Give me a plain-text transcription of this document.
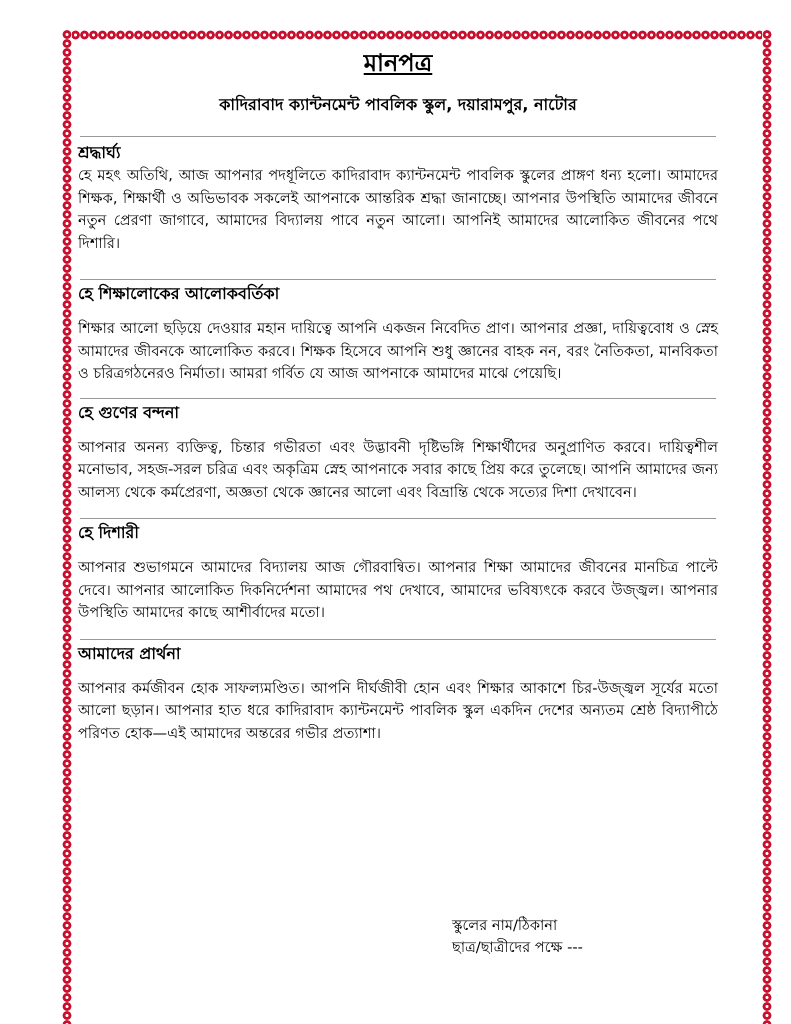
মানপত্র
কাদিরাবাদ ক্যান্টনমেন্ট পাবলিক স্কুল, দয়ারামপুর, নাটোর

শ্রদ্ধার্ঘ্য

হে মহৎ অতিথি, আজ আপনার পদধূলিতে কাদিরাবাদ ক্যান্টনমেন্ট পাবলিক স্কুলের প্রাঙ্গণ ধন্য হলো। আমাদের শিক্ষক, শিক্ষার্থী ও অভিভাবক সকলেই আপনাকে আন্তরিক শ্রদ্ধা জানাচ্ছে। আপনার উপস্থিতি আমাদের জীবনে নতুন প্রেরণা জাগাবে, আমাদের বিদ্যালয় পাবে নতুন আলো। আপনিই আমাদের আলোকিত জীবনের পথে দিশারি।

হে শিক্ষালোকের আলোকবর্তিকা

শিক্ষার আলো ছড়িয়ে দেওয়ার মহান দায়িত্বে আপনি একজন নিবেদিত প্রাণ। আপনার প্রজ্ঞা, দায়িত্ববোধ ও স্নেহ আমাদের জীবনকে আলোকিত করবে। শিক্ষক হিসেবে আপনি শুধু জ্ঞানের বাহক নন, বরং নৈতিকতা, মানবিকতা ও চরিত্রগঠনেরও নির্মাতা। আমরা গর্বিত যে আজ আপনাকে আমাদের মাঝে পেয়েছি।

হে গুণের বন্দনা

আপনার অনন্য ব্যক্তিত্ব, চিন্তার গভীরতা এবং উদ্ভাবনী দৃষ্টিভঙ্গি শিক্ষার্থীদের অনুপ্রাণিত করবে। দায়িত্বশীল মনোভাব, সহজ-সরল চরিত্র এবং অকৃত্রিম স্নেহ আপনাকে সবার কাছে প্রিয় করে তুলেছে। আপনি আমাদের জন্য আলস্য থেকে কর্মপ্রেরণা, অজ্ঞতা থেকে জ্ঞানের আলো এবং বিভ্রান্তি থেকে সত্যের দিশা দেখাবেন।

হে দিশারী

আপনার শুভাগমনে আমাদের বিদ্যালয় আজ গৌরবান্বিত। আপনার শিক্ষা আমাদের জীবনের মানচিত্র পাল্টে দেবে। আপনার আলোকিত দিকনির্দেশনা আমাদের পথ দেখাবে, আমাদের ভবিষ্যৎকে করবে উজ্জ্বল। আপনার উপস্থিতি আমাদের কাছে আশীর্বাদের মতো।

আমাদের প্রার্থনা

আপনার কর্মজীবন হোক সাফল্যমণ্ডিত। আপনি দীর্ঘজীবী হোন এবং শিক্ষার আকাশে চির-উজ্জ্বল সূর্যের মতো আলো ছড়ান। আপনার হাত ধরে কাদিরাবাদ ক্যান্টনমেন্ট পাবলিক স্কুল একদিন দেশের অন্যতম শ্রেষ্ঠ বিদ্যাপীঠে পরিণত হোক—এই আমাদের অন্তরের গভীর প্রত্যাশা।

স্কুলের নাম/ঠিকানা
ছাত্র/ছাত্রীদের পক্ষে ---
